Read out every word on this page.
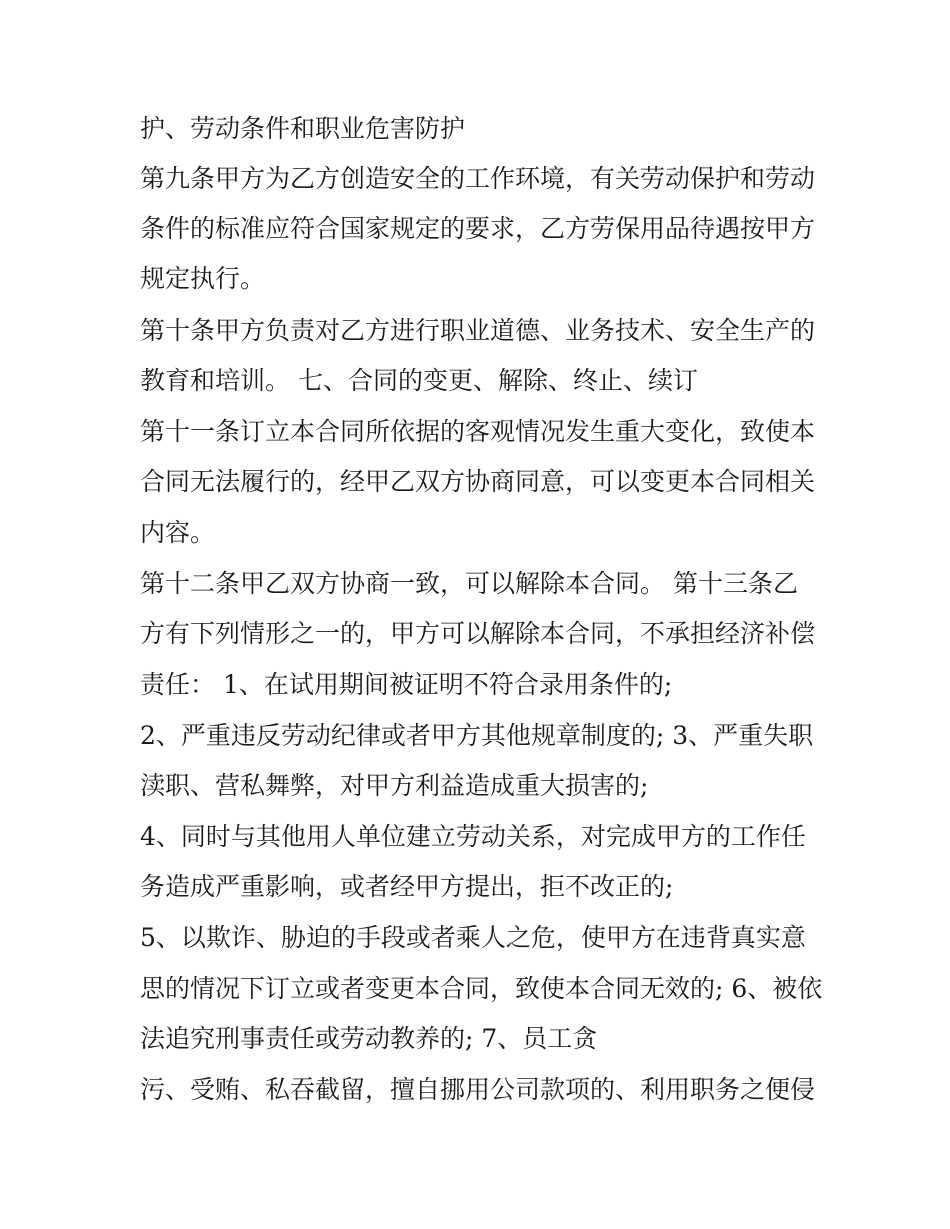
护、劳动条件和职业危害防护
第九条甲方为乙方创造安全的工作环境，有关劳动保护和劳动
条件的标准应符合国家规定的要求，乙方劳保用品待遇按甲方
规定执行。
第十条甲方负责对乙方进行职业道德、业务技术、安全生产的
教育和培训。 七、合同的变更、解除、终止、续订
第十一条订立本合同所依据的客观情况发生重大变化，致使本
合同无法履行的，经甲乙双方协商同意，可以变更本合同相关
内容。
第十二条甲乙双方协商一致，可以解除本合同。 第十三条乙
方有下列情形之一的，甲方可以解除本合同，不承担经济补偿
责任： 1、在试用期间被证明不符合录用条件的;
2、严重违反劳动纪律或者甲方其他规章制度的; 3、严重失职
渎职、营私舞弊，对甲方利益造成重大损害的;
4、同时与其他用人单位建立劳动关系，对完成甲方的工作任
务造成严重影响，或者经甲方提出，拒不改正的;
5、以欺诈、胁迫的手段或者乘人之危，使甲方在违背真实意
思的情况下订立或者变更本合同，致使本合同无效的; 6、被依
法追究刑事责任或劳动教养的; 7、员工贪
污、受贿、私吞截留，擅自挪用公司款项的、利用职务之便侵
